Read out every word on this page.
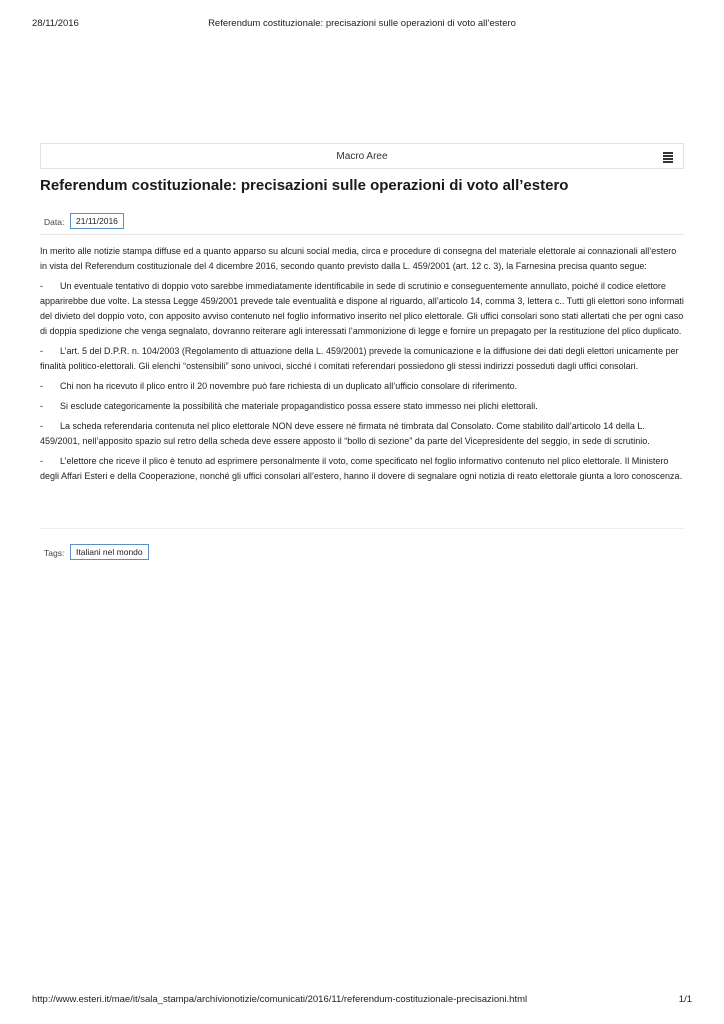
28/11/2016	Referendum costituzionale: precisazioni sulle operazioni di voto all’estero
Macro Aree
Referendum costituzionale: precisazioni sulle operazioni di voto all’estero
Data:	21/11/2016

In merito alle notizie stampa diffuse ed a quanto apparso su alcuni social media, circa e procedure di consegna del materiale elettorale ai connazionali all’estero in vista del Referendum costituzionale del 4 dicembre 2016, secondo quanto previsto dalla L. 459/2001 (art. 12 c. 3), la Farnesina precisa quanto segue:

- Un eventuale tentativo di doppio voto sarebbe immediatamente identificabile in sede di scrutinio e conseguentemente annullato, poiché il codice elettore apparirebbe due volte. La stessa Legge 459/2001 prevede tale eventualità e dispone al riguardo, all’articolo 14, comma 3, lettera c.. Tutti gli elettori sono informati del divieto del doppio voto, con apposito avviso contenuto nel foglio informativo inserito nel plico elettorale. Gli uffici consolari sono stati allertati che per ogni caso di doppia spedizione che venga segnalato, dovranno reiterare agli interessati l’ammonizione di legge e fornire un prepagato per la restituzione del plico duplicato.

- L’art. 5 del D.P.R. n. 104/2003 (Regolamento di attuazione della L. 459/2001) prevede la comunicazione e la diffusione dei dati degli elettori unicamente per finalità politico-elettorali. Gli elenchi “ostensibili” sono univoci, sicché i comitati referendari possiedono gli stessi indirizzi posseduti dagli uffici consolari.

- Chi non ha ricevuto il plico entro il 20 novembre può fare richiesta di un duplicato all’ufficio consolare di riferimento.

- Si esclude categoricamente la possibilità che materiale propagandistico possa essere stato immesso nei plichi elettorali.

- La scheda referendaria contenuta nel plico elettorale NON deve essere né firmata né timbrata dal Consolato. Come stabilito dall’articolo 14 della L. 459/2001, nell’apposito spazio sul retro della scheda deve essere apposto il “bollo di sezione” da parte del Vicepresidente del seggio, in sede di scrutinio.

- L’elettore che riceve il plico è tenuto ad esprimere personalmente il voto, come specificato nel foglio informativo contenuto nel plico elettorale. Il Ministero degli Affari Esteri e della Cooperazione, nonché gli uffici consolari all’estero, hanno il dovere di segnalare ogni notizia di reato elettorale giunta a loro conoscenza.

Tags:	Italiani nel mondo
http://www.esteri.it/mae/it/sala_stampa/archivionotizie/comunicati/2016/11/referendum-costituzionale-precisazioni.html	1/1
